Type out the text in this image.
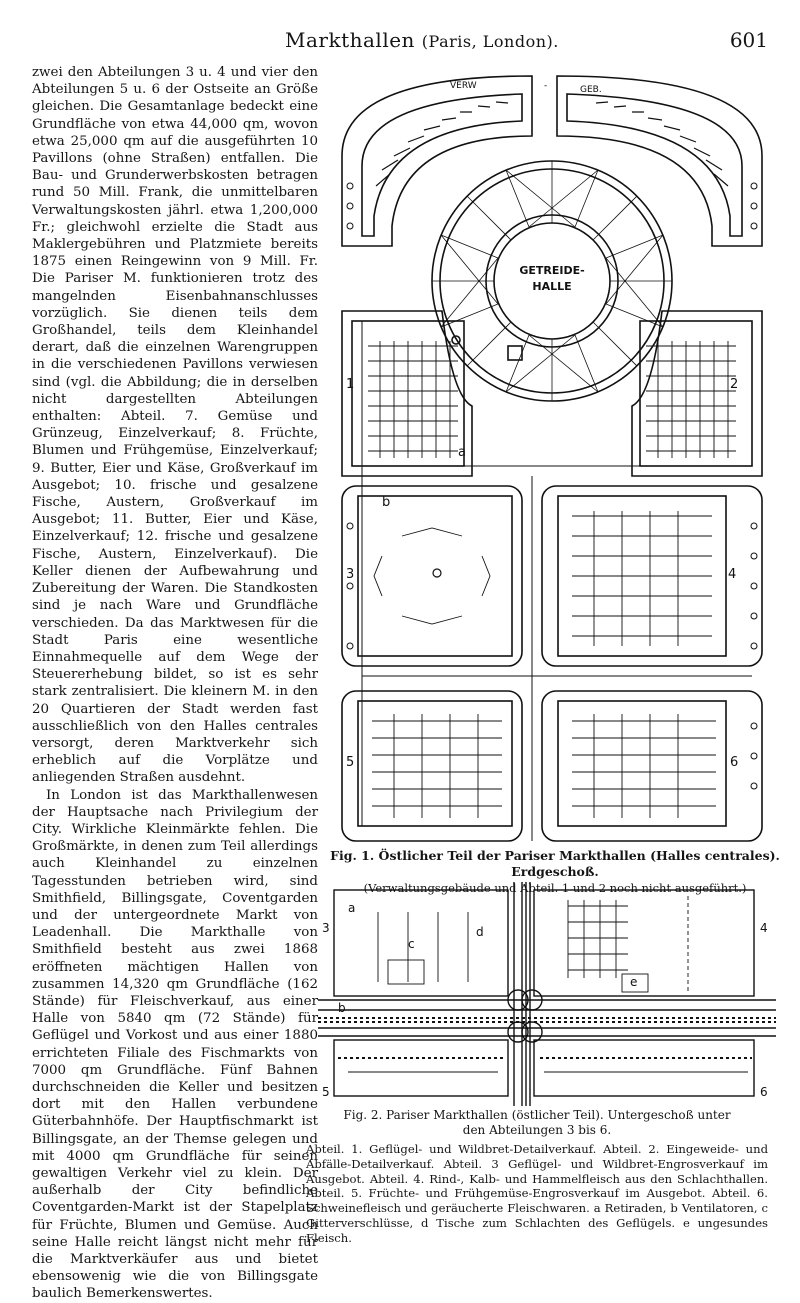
Markthallen (Paris, London).	601

zwei den Abteilungen 3 u. 4 und vier den Abteilungen 5 u. 6 der Ostseite an Größe gleichen. Die Gesamtanlage bedeckt eine Grundfläche von etwa 44,000 qm, wovon etwa 25,000 qm auf die ausgeführten 10 Pavillons (ohne Straßen) entfallen. Die Bau- und Grunderwerbskosten betragen rund 50 Mill. Frank, die unmittelbaren Verwaltungskosten jährl. etwa 1,200,000 Fr.; gleichwohl erzielte die Stadt aus Maklergebühren und Platzmiete bereits 1875 einen Reingewinn von 9 Mill. Fr. Die Pariser M. funktionieren trotz des mangelnden Eisenbahnanschlusses vorzüglich. Sie dienen teils dem Großhandel, teils dem Kleinhandel derart, daß die einzelnen Warengruppen in die verschiedenen Pavillons verwiesen sind (vgl. die Abbildung; die in derselben nicht dargestellten Abteilungen enthalten: Abteil. 7. Gemüse und Grünzeug, Einzelverkauf; 8. Früchte, Blumen und Frühgemüse, Einzelverkauf; 9. Butter, Eier und Käse, Großverkauf im Ausgebot; 10. frische und gesalzene Fische, Austern, Großverkauf im Ausgebot; 11. Butter, Eier und Käse, Einzelverkauf; 12. frische und gesalzene Fische, Austern, Einzelverkauf). Die Keller dienen der Aufbewahrung und Zubereitung der Waren. Die Standkosten sind je nach Ware und Grundfläche verschieden. Da das Marktwesen für die Stadt Paris eine wesentliche Einnahmequelle auf dem Wege der Steuererhebung bildet, so ist es sehr stark zentralisiert. Die kleinern M. in den 20 Quartieren der Stadt werden fast ausschließlich von den Halles centrales versorgt, deren Marktverkehr sich erheblich auf die Vorplätze und anliegenden Straßen ausdehnt.

In London ist das Markthallenwesen der Hauptsache nach Privilegium der City. Wirkliche Kleinmärkte fehlen. Die Großmärkte, in denen zum Teil allerdings auch Kleinhandel zu einzelnen Tagesstunden betrieben wird, sind Smithfield, Billingsgate, Coventgarden und der untergeordnete Markt von Leadenhall. Die Markthalle von Smithfield besteht aus zwei 1868 eröffneten mächtigen Hallen von zusammen 14,320 qm Grundfläche (162 Stände) für Fleischverkauf, aus einer Halle von 5840 qm (72 Stände) für Geflügel und Vorkost und aus einer 1880 errichteten Filiale des Fischmarkts von 7000 qm Grundfläche. Fünf Bahnen durchschneiden die Keller und besitzen dort mit den Hallen verbundene Güterbahnhöfe. Der Hauptfischmarkt ist Billingsgate, an der Themse gelegen und mit 4000 qm Grundfläche für seinen gewaltigen Verkehr viel zu klein. Der außerhalb der City befindliche Coventgarden-Markt ist der Stapelplatz für Früchte, Blumen und Gemüse. Auch seine Halle reicht längst nicht mehr für die Marktverkäufer aus und bietet ebensowenig wie die von Billingsgate baulich Bemerkenswertes.

VERW	-	GEB.
GETREIDE-
HALLE
1	2
3	4
5	6
a
b
Fig. 1. Östlicher Teil der Pariser Markthallen (Halles centrales).
Erdgeschoß.
(Verwaltungsgebäude und Abteil. 1 und 2 noch nicht ausgeführt.)
3	4
5	6
b
c
d
e
a
Fig. 2. Pariser Markthallen (östlicher Teil). Untergeschoß unter
den Abteilungen 3 bis 6.
Abteil. 1. Geflügel- und Wildbret-Detailverkauf. Abteil. 2. Eingeweide- und Abfälle-Detailverkauf. Abteil. 3 Geflügel- und Wildbret-Engrosverkauf im Ausgebot. Abteil. 4. Rind-, Kalb- und Hammelfleisch aus den Schlachthallen. Abteil. 5. Früchte- und Frühgemüse-Engrosverkauf im Ausgebot. Abteil. 6. Schweinefleisch und geräucherte Fleischwaren. a Retiraden, b Ventilatoren, c Gitterverschlüsse, d Tische zum Schlachten des Geflügels. e ungesundes Fleisch.
